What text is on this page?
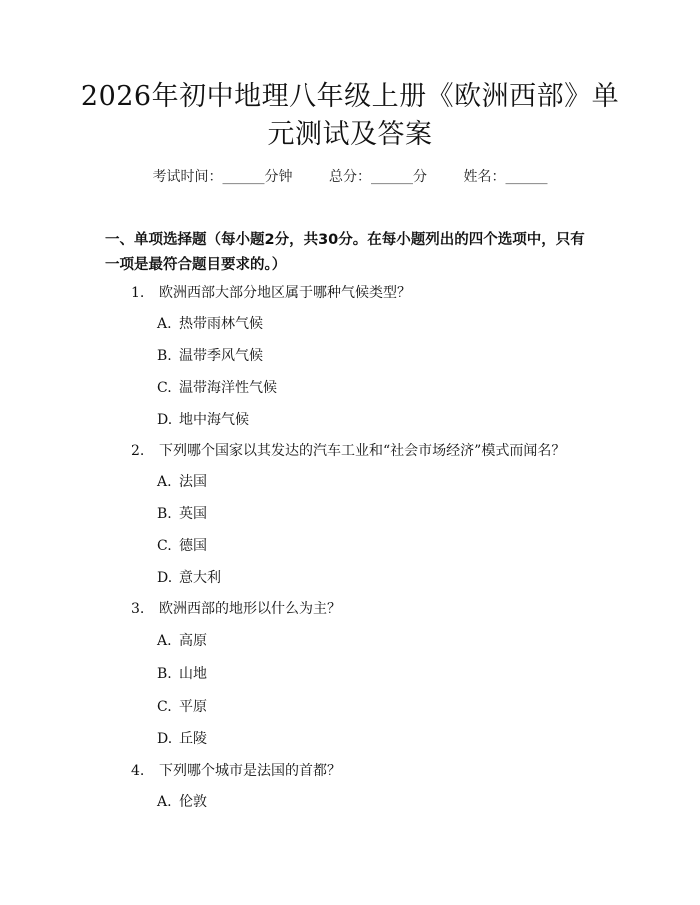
2026年初中地理八年级上册《欧洲西部》单元测试及答案
考试时间：______分钟	总分：______分	姓名：______
一、单项选择题（每小题2分，共30分。在每小题列出的四个选项中，只有一项是最符合题目要求的。）
1. 欧洲西部大部分地区属于哪种气候类型？
A. 热带雨林气候
B. 温带季风气候
C. 温带海洋性气候
D. 地中海气候
2. 下列哪个国家以其发达的汽车工业和“社会市场经济”模式而闻名？
A. 法国
B. 英国
C. 德国
D. 意大利
3. 欧洲西部的地形以什么为主？
A. 高原
B. 山地
C. 平原
D. 丘陵
4. 下列哪个城市是法国的首都？
A. 伦敦
